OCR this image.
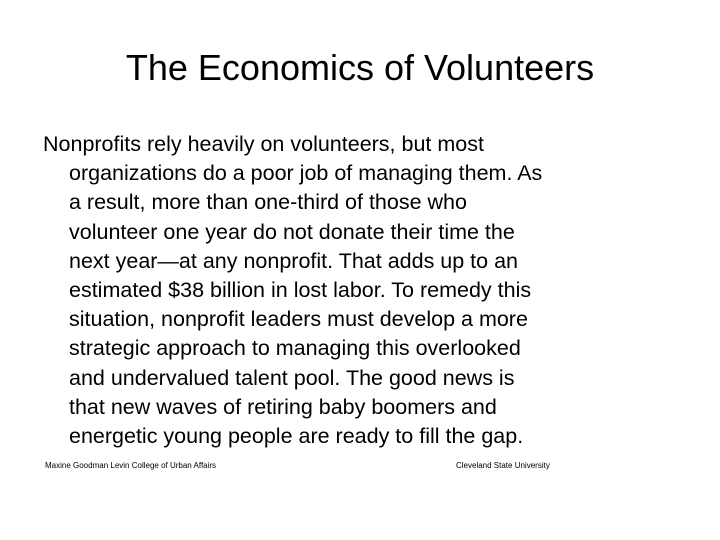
The Economics of Volunteers
Nonprofits rely heavily on volunteers, but most
organizations do a poor job of managing them. As
a result, more than one-third of those who
volunteer one year do not donate their time the
next year—at any nonprofit. That adds up to an
estimated $38 billion in lost labor. To remedy this
situation, nonprofit leaders must develop a more
strategic approach to managing this overlooked
and undervalued talent pool. The good news is
that new waves of retiring baby boomers and
energetic young people are ready to fill the gap.
Maxine Goodman Levin College of Urban Affairs	Cleveland State University
